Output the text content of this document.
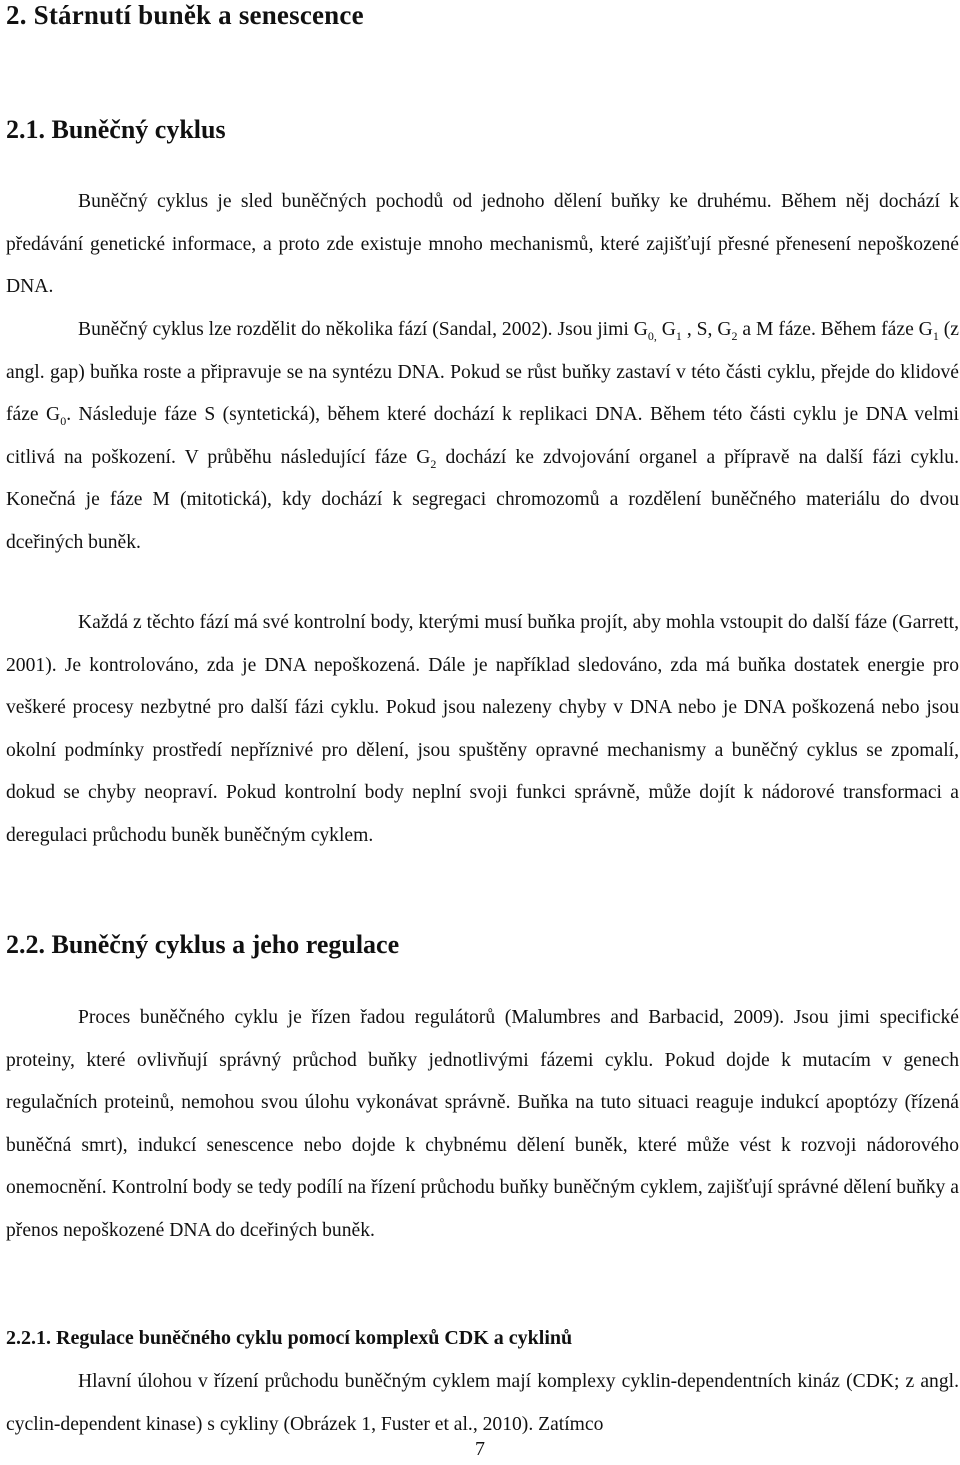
2. Stárnutí buněk a senescence
2.1. Buněčný cyklus

Buněčný cyklus je sled buněčných pochodů od jednoho dělení buňky ke druhému. Během něj dochází k předávání genetické informace, a proto zde existuje mnoho mechanismů, které zajišťují přesné přenesení nepoškozené DNA.

Buněčný cyklus lze rozdělit do několika fází (Sandal, 2002). Jsou jimi $G_{0,}$ $G_1$ , S, $G_2$ a M fáze. Během fáze $G_1$ (z angl. gap) buňka roste a připravuje se na syntézu DNA. Pokud se růst buňky zastaví v této části cyklu, přejde do klidové fáze $G_0$. Následuje fáze S (syntetická), během které dochází k replikaci DNA. Během této části cyklu je DNA velmi citlivá na poškození. V průběhu následující fáze $G_2$ dochází ke zdvojování organel a přípravě na další fázi cyklu. Konečná je fáze M (mitotická), kdy dochází k segregaci chromozomů a rozdělení buněčného materiálu do dvou dceřiných buněk.

Každá z těchto fází má své kontrolní body, kterými musí buňka projít, aby mohla vstoupit do další fáze (Garrett, 2001). Je kontrolováno, zda je DNA nepoškozená. Dále je například sledováno, zda má buňka dostatek energie pro veškeré procesy nezbytné pro další fázi cyklu. Pokud jsou nalezeny chyby v DNA nebo je DNA poškozená nebo jsou okolní podmínky prostředí nepříznivé pro dělení, jsou spuštěny opravné mechanismy a buněčný cyklus se zpomalí, dokud se chyby neopraví. Pokud kontrolní body neplní svoji funkci správně, může dojít k nádorové transformaci a deregulaci průchodu buněk buněčným cyklem.

2.2. Buněčný cyklus a jeho regulace

Proces buněčného cyklu je řízen řadou regulátorů (Malumbres and Barbacid, 2009). Jsou jimi specifické proteiny, které ovlivňují správný průchod buňky jednotlivými fázemi cyklu. Pokud dojde k mutacím v genech regulačních proteinů, nemohou svou úlohu vykonávat správně. Buňka na tuto situaci reaguje indukcí apoptózy (řízená buněčná smrt), indukcí senescence nebo dojde k chybnému dělení buněk, které může vést k rozvoji nádorového onemocnění. Kontrolní body se tedy podílí na řízení průchodu buňky buněčným cyklem, zajišťují správné dělení buňky a přenos nepoškozené DNA do dceřiných buněk.

2.2.1. Regulace buněčného cyklu pomocí komplexů CDK a cyklinů

Hlavní úlohou v řízení průchodu buněčným cyklem mají komplexy cyklin-dependentních kináz (CDK; z angl. cyclin-dependent kinase) s cykliny (Obrázek 1, Fuster et al., 2010). Zatímco

7
